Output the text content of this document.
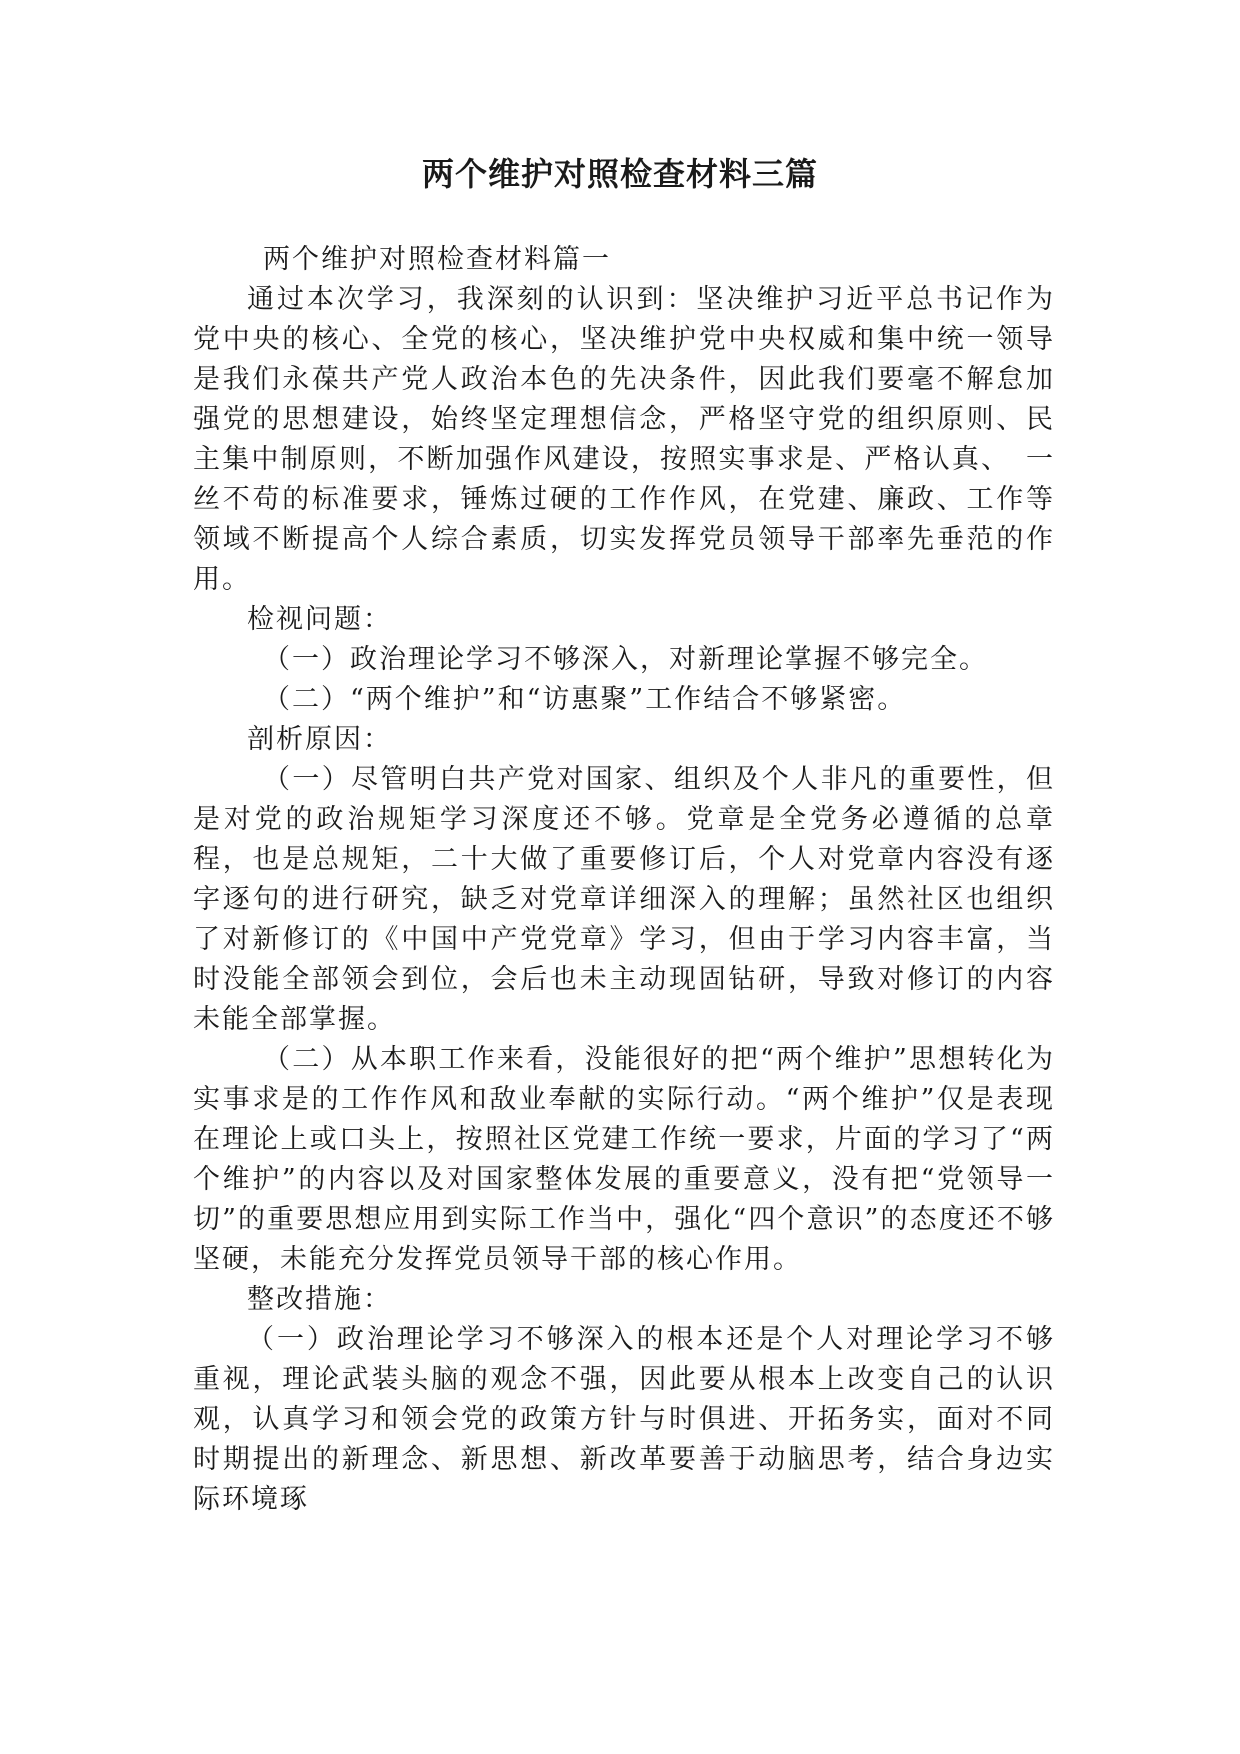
两个维护对照检查材料三篇

两个维护对照检查材料篇一

通过本次学习，我深刻的认识到：坚决维护习近平总书记作为党中央的核心、全党的核心，坚决维护党中央权威和集中统一领导是我们永葆共产党人政治本色的先决条件，因此我们要毫不解怠加强党的思想建设，始终坚定理想信念，严格坚守党的组织原则、民主集中制原则，不断加强作风建设，按照实事求是、严格认真、　一丝不苟的标准要求，锤炼过硬的工作作风，在党建、廉政、工作等领域不断提高个人综合素质，切实发挥党员领导干部率先垂范的作用。

检视问题：

（一）政治理论学习不够深入，对新理论掌握不够完全。

（二）“两个维护”和“访惠聚”工作结合不够紧密。

剖析原因：

（一）尽管明白共产党对国家、组织及个人非凡的重要性，但是对党的政治规矩学习深度还不够。党章是全党务必遵循的总章程，也是总规矩，二十大做了重要修订后，个人对党章内容没有逐字逐句的进行研究，缺乏对党章详细深入的理解；虽然社区也组织了对新修订的《中国中产党党章》学习，但由于学习内容丰富，当时没能全部领会到位，会后也未主动现固钻研，导致对修订的内容未能全部掌握。

（二）从本职工作来看，没能很好的把“两个维护”思想转化为实事求是的工作作风和敌业奉献的实际行动。“两个维护”仅是表现在理论上或口头上，按照社区党建工作统一要求，片面的学习了“两个维护”的内容以及对国家整体发展的重要意义，没有把“党领导一切”的重要思想应用到实际工作当中，强化“四个意识”的态度还不够坚硬，未能充分发挥党员领导干部的核心作用。

整改措施：

（一）政治理论学习不够深入的根本还是个人对理论学习不够重视，理论武装头脑的观念不强，因此要从根本上改变自己的认识观，认真学习和领会党的政策方针与时俱进、开拓务实，面对不同时期提出的新理念、新思想、新改革要善于动脑思考，结合身边实际环境琢
